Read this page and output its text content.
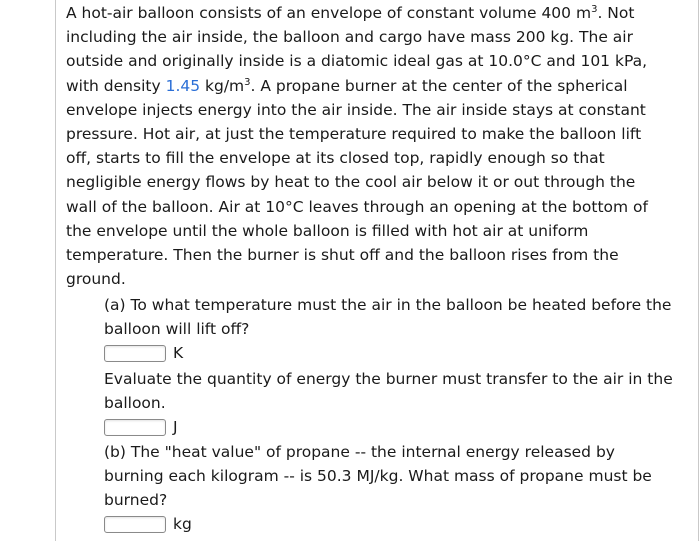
A hot-air balloon consists of an envelope of constant volume 400 $m^3$. Not including the air inside, the balloon and cargo have mass 200 kg. The air outside and originally inside is a diatomic ideal gas at 10.0°C and 101 kPa, with density 1.45 $kg/m^3$. A propane burner at the center of the spherical envelope injects energy into the air inside. The air inside stays at constant pressure. Hot air, at just the temperature required to make the balloon lift off, starts to fill the envelope at its closed top, rapidly enough so that negligible energy flows by heat to the cool air below it or out through the wall of the balloon. Air at 10°C leaves through an opening at the bottom of the envelope until the whole balloon is filled with hot air at uniform temperature. Then the burner is shut off and the balloon rises from the ground.

(a) To what temperature must the air in the balloon be heated before the balloon will lift off?

K

Evaluate the quantity of energy the burner must transfer to the air in the balloon.

J

(b) The "heat value" of propane -- the internal energy released by burning each kilogram -- is 50.3 MJ/kg. What mass of propane must be burned?

kg
